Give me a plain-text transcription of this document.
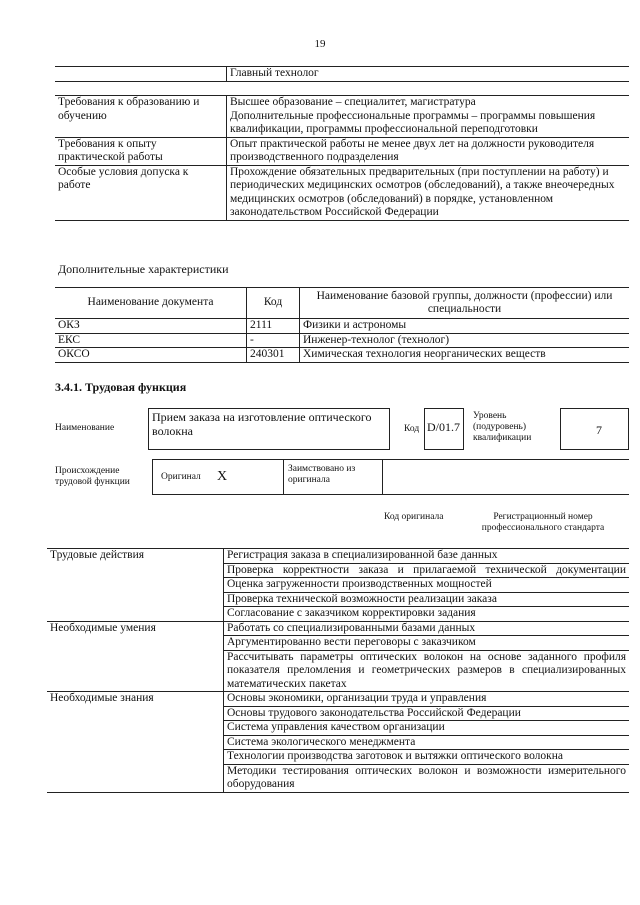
19
	Главный технолог
Требования к образованию и обучению	Высшее образование – специалитет, магистратура
Дополнительные профессиональные программы – программы повышения квалификации, программы профессиональной переподготовки

Требования к опыту практической работы	Опыт практической работы не менее двух лет на должности руководителя производственного подразделения

Особые условия допуска к работе	Прохождение обязательных предварительных (при поступлении на работу) и периодических медицинских осмотров (обследований), а также внеочередных медицинских осмотров (обследований) в порядке, установленном законодательством Российской Федерации
Дополнительные характеристики
Наименование документа	Код	Наименование базовой группы, должности (профессии) или специальности
ОКЗ	2111	Физики и астрономы
ЕКС	-	Инженер-технолог (технолог)
ОКСО	240301	Химическая технология неорганических веществ
3.4.1. Трудовая функция
Наименование
Прием заказа на изготовление оптического волокна	Код D/01.7
Уровень (подуровень) квалификации
7
Происхождение трудовой функции	Оригинал X	Заимствовано из оригинала
Код оригинала	Регистрационный номер профессионального стандарта
Трудовые действия	Регистрация заказа в специализированной базе данных
	Проверка корректности заказа и прилагаемой технической документации
	Оценка загруженности производственных мощностей
	Проверка технической возможности реализации заказа
	Согласование с заказчиком корректировки задания
Необходимые умения	Работать со специализированными базами данных
	Аргументированно вести переговоры с заказчиком
	Рассчитывать параметры оптических волокон на основе заданного профиля показателя преломления и геометрических размеров в специализированных математических пакетах
Необходимые знания	Основы экономики, организации труда и управления
	Основы трудового законодательства Российской Федерации
	Система управления качеством организации
	Система экологического менеджмента
	Технологии производства заготовок и вытяжки оптического волокна
	Методики тестирования оптических волокон и возможности измерительного оборудования
